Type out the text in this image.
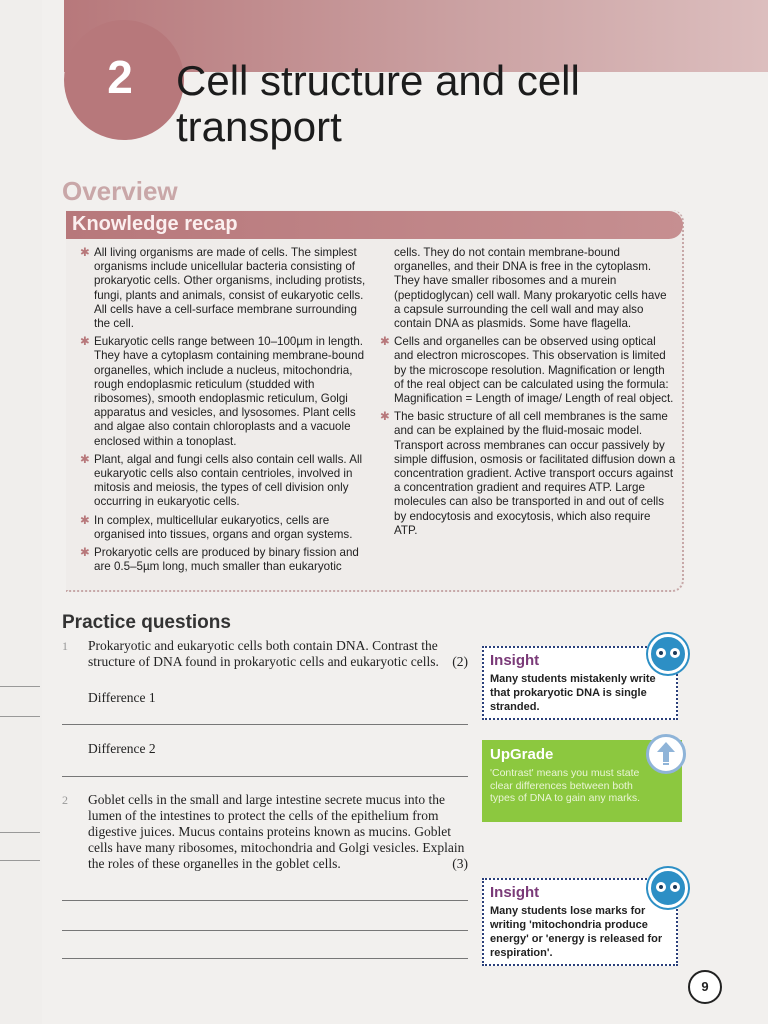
2	Cell structure and cell
transport
Overview
Knowledge recap

✱ All living organisms are made of cells. The simplest organisms include unicellular bacteria consisting of prokaryotic cells. Other organisms, including protists, fungi, plants and animals, consist of eukaryotic cells. All cells have a cell-surface membrane surrounding the cell.

✱ Eukaryotic cells range between 10–100µm in length. They have a cytoplasm containing membrane-bound organelles, which include a nucleus, mitochondria, rough endoplasmic reticulum (studded with ribosomes), smooth endoplasmic reticulum, Golgi apparatus and vesicles, and lysosomes. Plant cells and algae also contain chloroplasts and a vacuole enclosed within a tonoplast.

✱ Plant, algal and fungi cells also contain cell walls. All eukaryotic cells also contain centrioles, involved in mitosis and meiosis, the types of cell division only occurring in eukaryotic cells.

✱ In complex, multicellular eukaryotics, cells are organised into tissues, organs and organ systems.

✱ Prokaryotic cells are produced by binary fission and are 0.5–5µm long, much smaller than eukaryotic

cells. They do not contain membrane-bound organelles, and their DNA is free in the cytoplasm. They have smaller ribosomes and a murein (peptidoglycan) cell wall. Many prokaryotic cells have a capsule surrounding the cell wall and may also contain DNA as plasmids. Some have flagella.

✱ Cells and organelles can be observed using optical and electron microscopes. This observation is limited by the microscope resolution. Magnification or length of the real object can be calculated using the formula: Magnification = Length of image/ Length of real object.

✱ The basic structure of all cell membranes is the same and can be explained by the fluid-mosaic model. Transport across membranes can occur passively by simple diffusion, osmosis or facilitated diffusion down a concentration gradient. Active transport occurs against a concentration gradient and requires ATP. Large molecules can also be transported in and out of cells by endocytosis and exocytosis, which also require ATP.

Practice questions
1 Prokaryotic and eukaryotic cells both contain DNA. Contrast the structure of DNA found in prokaryotic cells and eukaryotic cells. (2)
Difference 1
Difference 2
2 Goblet cells in the small and large intestine secrete mucus into the lumen of the intestines to protect the cells of the epithelium from digestive juices. Mucus contains proteins known as mucins. Goblet cells have many ribosomes, mitochondria and Golgi vesicles. Explain the roles of these organelles in the goblet cells.	(3)

Insight

Many students mistakenly write that prokaryotic DNA is single stranded.

UpGrade

'Contrast' means you must state clear differences between both types of DNA to gain any marks.

Insight

Many students lose marks for writing 'mitochondria produce energy' or 'energy is released for respiration'.

9
